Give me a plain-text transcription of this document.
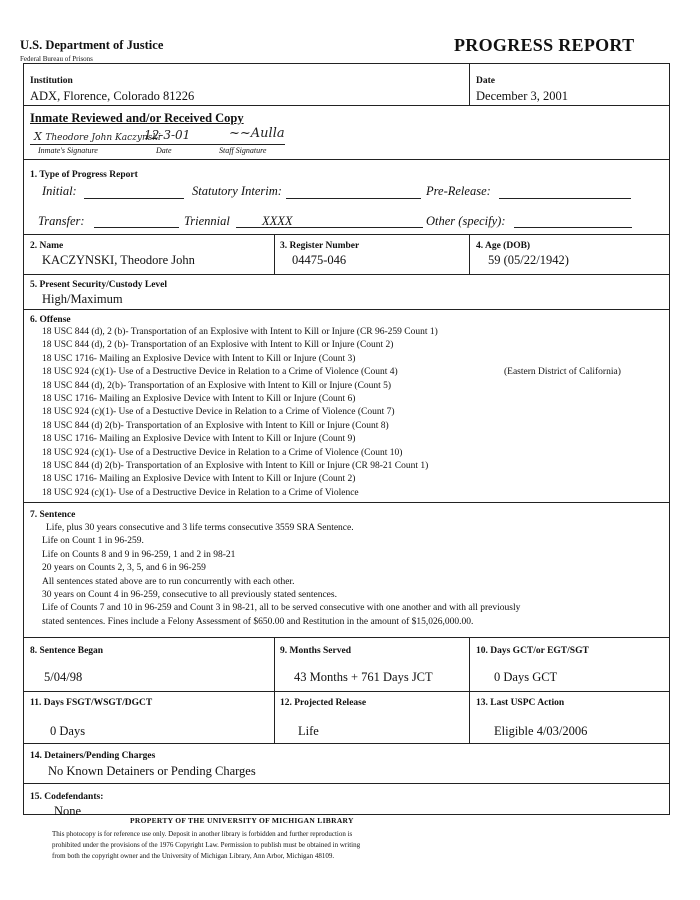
U.S. Department of Justice
Federal Bureau of Prisons
PROGRESS REPORT
Institution
ADX, Florence, Colorado 81226
Date
December 3, 2001
Inmate Reviewed and/or Received Copy
X Theodore John Kaczynski
12-3-01	~~Aulla
Inmate's Signature	Date	Staff Signature
1. Type of Progress Report
Initial:	Statutory Interim:	Pre-Release:
Transfer:	Triennial	XXXX	Other (specify):
2. Name
KACZYNSKI, Theodore John
3. Register Number
04475-046
4. Age (DOB)
59 (05/22/1942)
5. Present Security/Custody Level
High/Maximum
6. Offense
18 USC 844 (d), 2 (b)- Transportation of an Explosive with Intent to Kill or Injure (CR 96-259 Count 1)
18 USC 844 (d), 2 (b)- Transportation of an Explosive with Intent to Kill or Injure (Count 2)
18 USC 1716- Mailing an Explosive Device with Intent to Kill or Injure (Count 3)
18 USC 924 (c)(1)- Use of a Destructive Device in Relation to a Crime of Violence (Count 4)
18 USC 844 (d), 2(b)- Transportation of an Explosive with Intent to Kill or Injure (Count 5)
18 USC 1716- Mailing an Explosive Device with Intent to Kill or Injure (Count 6)
18 USC 924 (c)(1)- Use of a Destuctive Device in Relation to a Crime of Violence (Count 7)
18 USC 844 (d) 2(b)- Transportation of an Explosive with Intent to Kill or Injure (Count 8)
18 USC 1716- Mailing an Explosive Device with Intent to Kill or Injure (Count 9)
18 USC 924 (c)(1)- Use of a Destructive Device in Relation to a Crime of Violence (Count 10)
18 USC 844 (d) 2(b)- Transportation of an Explosive with Intent to Kill or Injure (CR 98-21 Count 1)
18 USC 1716- Mailing an Explosive Device with Intent to Kill or Injure (Count 2)
18 USC 924 (c)(1)- Use of a Destructive Device in Relation to a Crime of Violence
(Eastern District of California)
7. Sentence
Life, plus 30 years consecutive and 3 life terms consecutive 3559 SRA Sentence.
Life on Count 1 in 96-259.
Life on Counts 8 and 9 in 96-259, 1 and 2 in 98-21
20 years on Counts 2, 3, 5, and 6 in 96-259
All sentences stated above are to run concurrently with each other.
30 years on Count 4 in 96-259, consecutive to all previously stated sentences.
Life of Counts 7 and 10 in 96-259 and Count 3 in 98-21, all to be served consecutive with one another and with all previously
stated sentences. Fines include a Felony Assessment of $650.00 and Restitution in the amount of $15,026,000.00.
8. Sentence Began
5/04/98
9. Months Served
43 Months + 761 Days JCT
10. Days GCT/or EGT/SGT
0 Days GCT
11. Days FSGT/WSGT/DGCT
0 Days
12. Projected Release
Life
13. Last USPC Action
Eligible 4/03/2006
14. Detainers/Pending Charges
No Known Detainers or Pending Charges
15. Codefendants:
None
PROPERTY OF THE UNIVERSITY OF MICHIGAN LIBRARY
This photocopy is for reference use only. Deposit in another library is forbidden and further reproduction is
prohibited under the provisions of the 1976 Copyright Law. Permission to publish must be obtained in writing
from both the copyright owner and the University of Michigan Library, Ann Arbor, Michigan 48109.
